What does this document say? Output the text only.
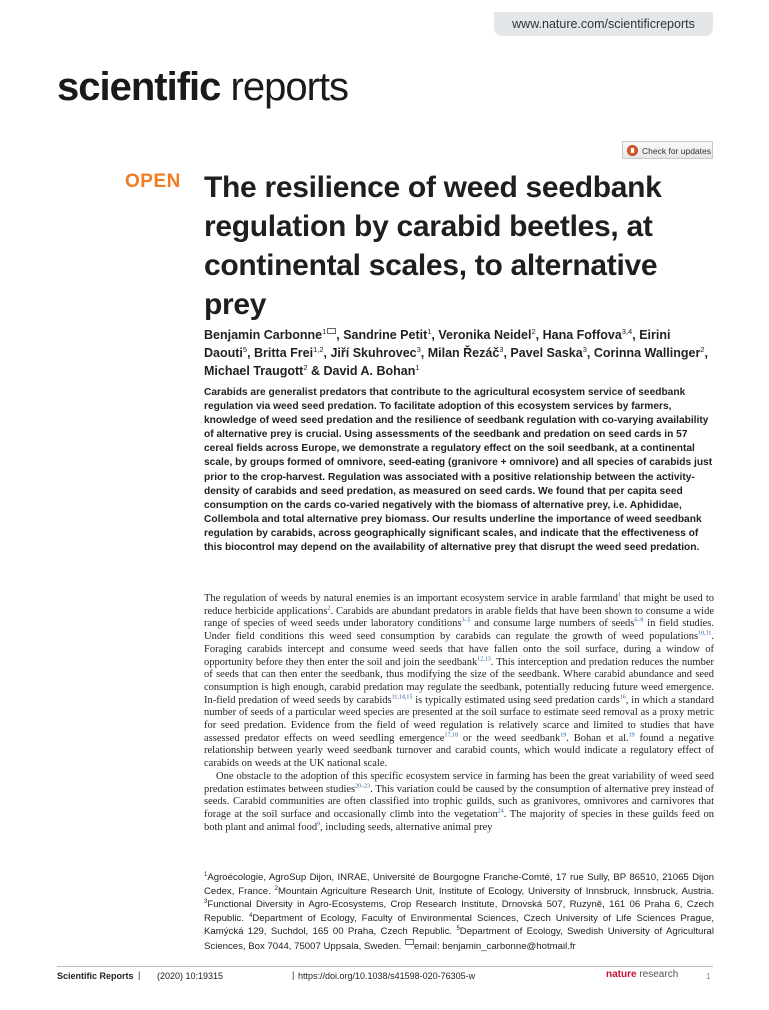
www.nature.com/scientificreports
scientific reports
Check for updates
OPEN The resilience of weed seedbank regulation by carabid beetles, at continental scales, to alternative prey
Benjamin Carbonne$^1$ , Sandrine Petit$^1$, Veronika Neidel$^2$, Hana Foffova$^{3,4}$, Eirini Daouti$^5$, Britta Frei$^{1,2}$, Jiří Skuhrovec$^3$, Milan Řezáč$^3$, Pavel Saska$^3$, Corinna Wallinger$^2$, Michael Traugott$^2$ & David A. Bohan$^1$
Carabids are generalist predators that contribute to the agricultural ecosystem service of seedbank regulation via weed seed predation. To facilitate adoption of this ecosystem services by farmers, knowledge of weed seed predation and the resilience of seedbank regulation with co-varying availability of alternative prey is crucial. Using assessments of the seedbank and predation on seed cards in 57 cereal fields across Europe, we demonstrate a regulatory effect on the soil seedbank, at a continental scale, by groups formed of omnivore, seed-eating (granivore + omnivore) and all species of carabids just prior to the crop-harvest. Regulation was associated with a positive relationship between the activity-density of carabids and seed predation, as measured on seed cards. We found that per capita seed consumption on the cards co-varied negatively with the biomass of alternative prey, i.e. Aphididae, Collembola and total alternative prey biomass. Our results underline the importance of weed seedbank regulation by carabids, across geographically significant scales, and indicate that the effectiveness of this biocontrol may depend on the availability of alternative prey that disrupt the weed seed predation.

The regulation of weeds by natural enemies is an important ecosystem service in arable farmland$^1$ that might be used to reduce herbicide applications$^2$. Carabids are abundant predators in arable fields that have been shown to consume a wide range of species of weed seeds under laboratory conditions$^{3-5}$ and consume large numbers of seeds$^{6-9}$ in field studies. Under field conditions this weed seed consumption by carabids can regulate the growth of weed populations$^{10,11}$. Foraging carabids intercept and consume weed seeds that have fallen onto the soil surface, during a window of opportunity before they then enter the soil and join the seedbank$^{12,13}$. This interception and predation reduces the number of seeds that can then enter the seedbank, thus modifying the size of the seedbank. Where carabid abundance and seed consumption is high enough, carabid predation may regulate the seedbank, potentially reducing future weed emergence. In-field predation of weed seeds by carabids$^{11,14,15}$ is typically estimated using seed predation cards$^{16}$, in which a standard number of seeds of a particular weed species are presented at the soil surface to estimate seed removal as a proxy metric for seed predation. Evidence from the field of weed regulation is relatively scarce and limited to studies that have assessed predator effects on weed seedling emergence$^{17,18}$ or the weed seedbank$^{19}$. Bohan et al.$^{19}$ found a negative relationship between yearly weed seedbank turnover and carabid counts, which would indicate a regulatory effect of carabids on weeds at the UK national scale.

One obstacle to the adoption of this specific ecosystem service in farming has been the great variability of weed seed predation estimates between studies$^{20-23}$. This variation could be caused by the consumption of alternative prey instead of seeds. Carabid communities are often classified into trophic guilds, such as granivores, omnivores and carnivores that forage at the soil surface and occasionally climb into the vegetation$^{24}$. The majority of species in these guilds feed on both plant and animal food$^9$, including seeds, alternative animal prey

$^1$Agroécologie, AgroSup Dijon, INRAE, Université de Bourgogne Franche-Comté, 17 rue Sully, BP 86510, 21065 Dijon Cedex, France. $^2$Mountain Agriculture Research Unit, Institute of Ecology, University of Innsbruck, Innsbruck, Austria. $^3$Functional Diversity in Agro-Ecosystems, Crop Research Institute, Drnovská 507, Ruzyně, 161 06 Praha 6, Czech Republic. $^4$Department of Ecology, Faculty of Environmental Sciences, Czech University of Life Sciences Prague, Kamýcká 129, Suchdol, 165 00 Praha, Czech Republic. $^5$Department of Ecology, Swedish University of Agricultural Sciences, Box 7044, 75007 Uppsala, Sweden. email: benjamin_carbonne@hotmail.fr
Scientific Reports | (2020) 10:19315	| https://doi.org/10.1038/s41598-020-76305-w	nature research	1
